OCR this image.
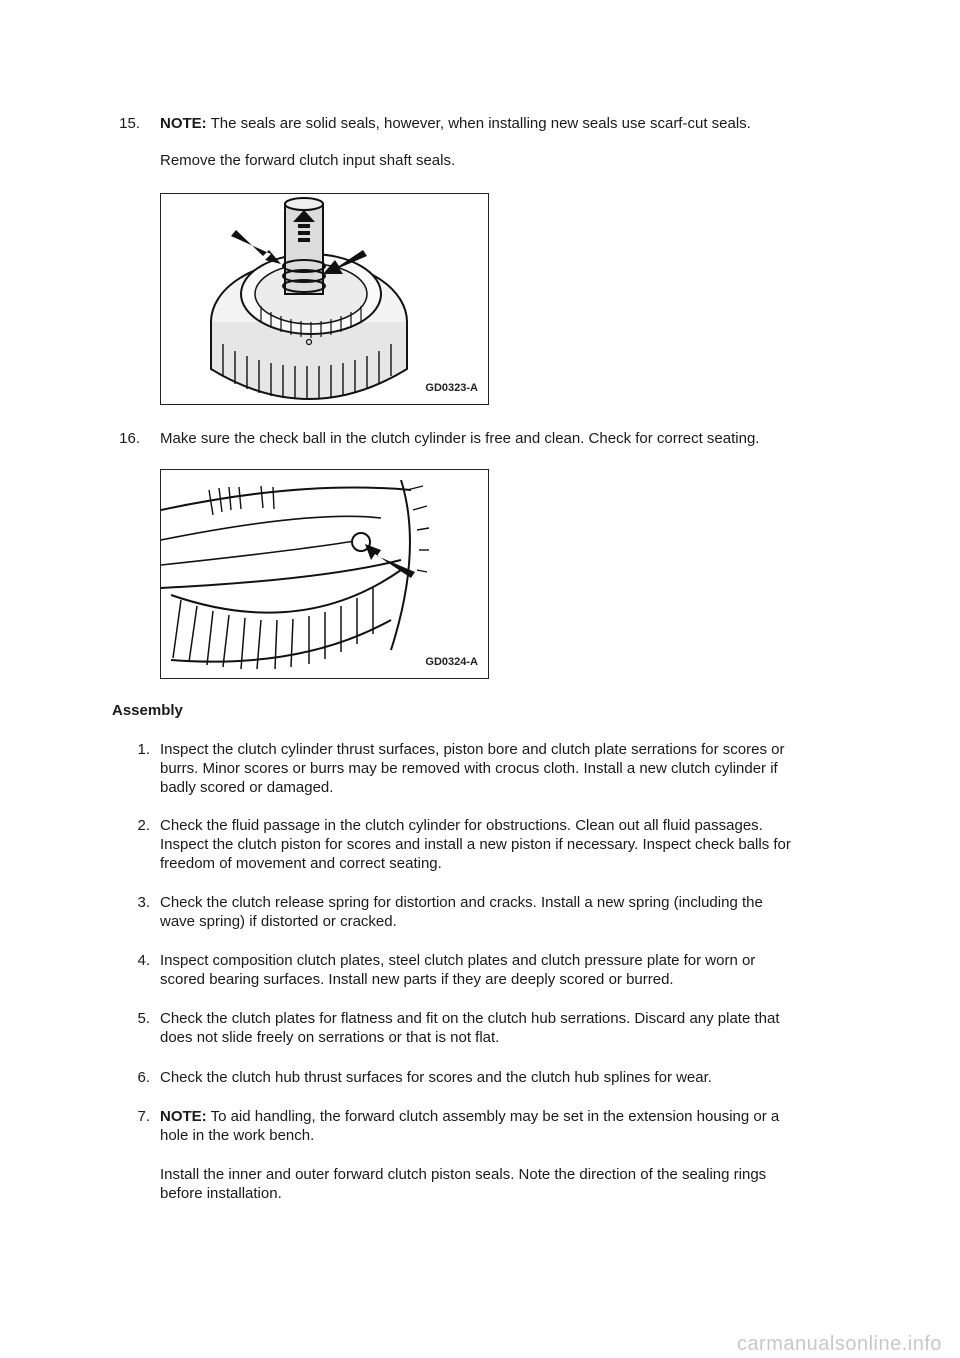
15. NOTE: The seals are solid seals, however, when installing new seals use scarf-cut seals.
Remove the forward clutch input shaft seals.
GD0323-A
16. Make sure the check ball in the clutch cylinder is free and clean. Check for correct seating.
GD0324-A
Assembly
1. Inspect the clutch cylinder thrust surfaces, piston bore and clutch plate serrations for scores or
burrs. Minor scores or burrs may be removed with crocus cloth. Install a new clutch cylinder if
badly scored or damaged.
2. Check the fluid passage in the clutch cylinder for obstructions. Clean out all fluid passages.
Inspect the clutch piston for scores and install a new piston if necessary. Inspect check balls for
freedom of movement and correct seating.
3. Check the clutch release spring for distortion and cracks. Install a new spring (including the
wave spring) if distorted or cracked.
4. Inspect composition clutch plates, steel clutch plates and clutch pressure plate for worn or
scored bearing surfaces. Install new parts if they are deeply scored or burred.
5. Check the clutch plates for flatness and fit on the clutch hub serrations. Discard any plate that
does not slide freely on serrations or that is not flat.
6. Check the clutch hub thrust surfaces for scores and the clutch hub splines for wear.
7. NOTE: To aid handling, the forward clutch assembly may be set in the extension housing or a
hole in the work bench.
Install the inner and outer forward clutch piston seals. Note the direction of the sealing rings
before installation.
carmanualsonline.info
